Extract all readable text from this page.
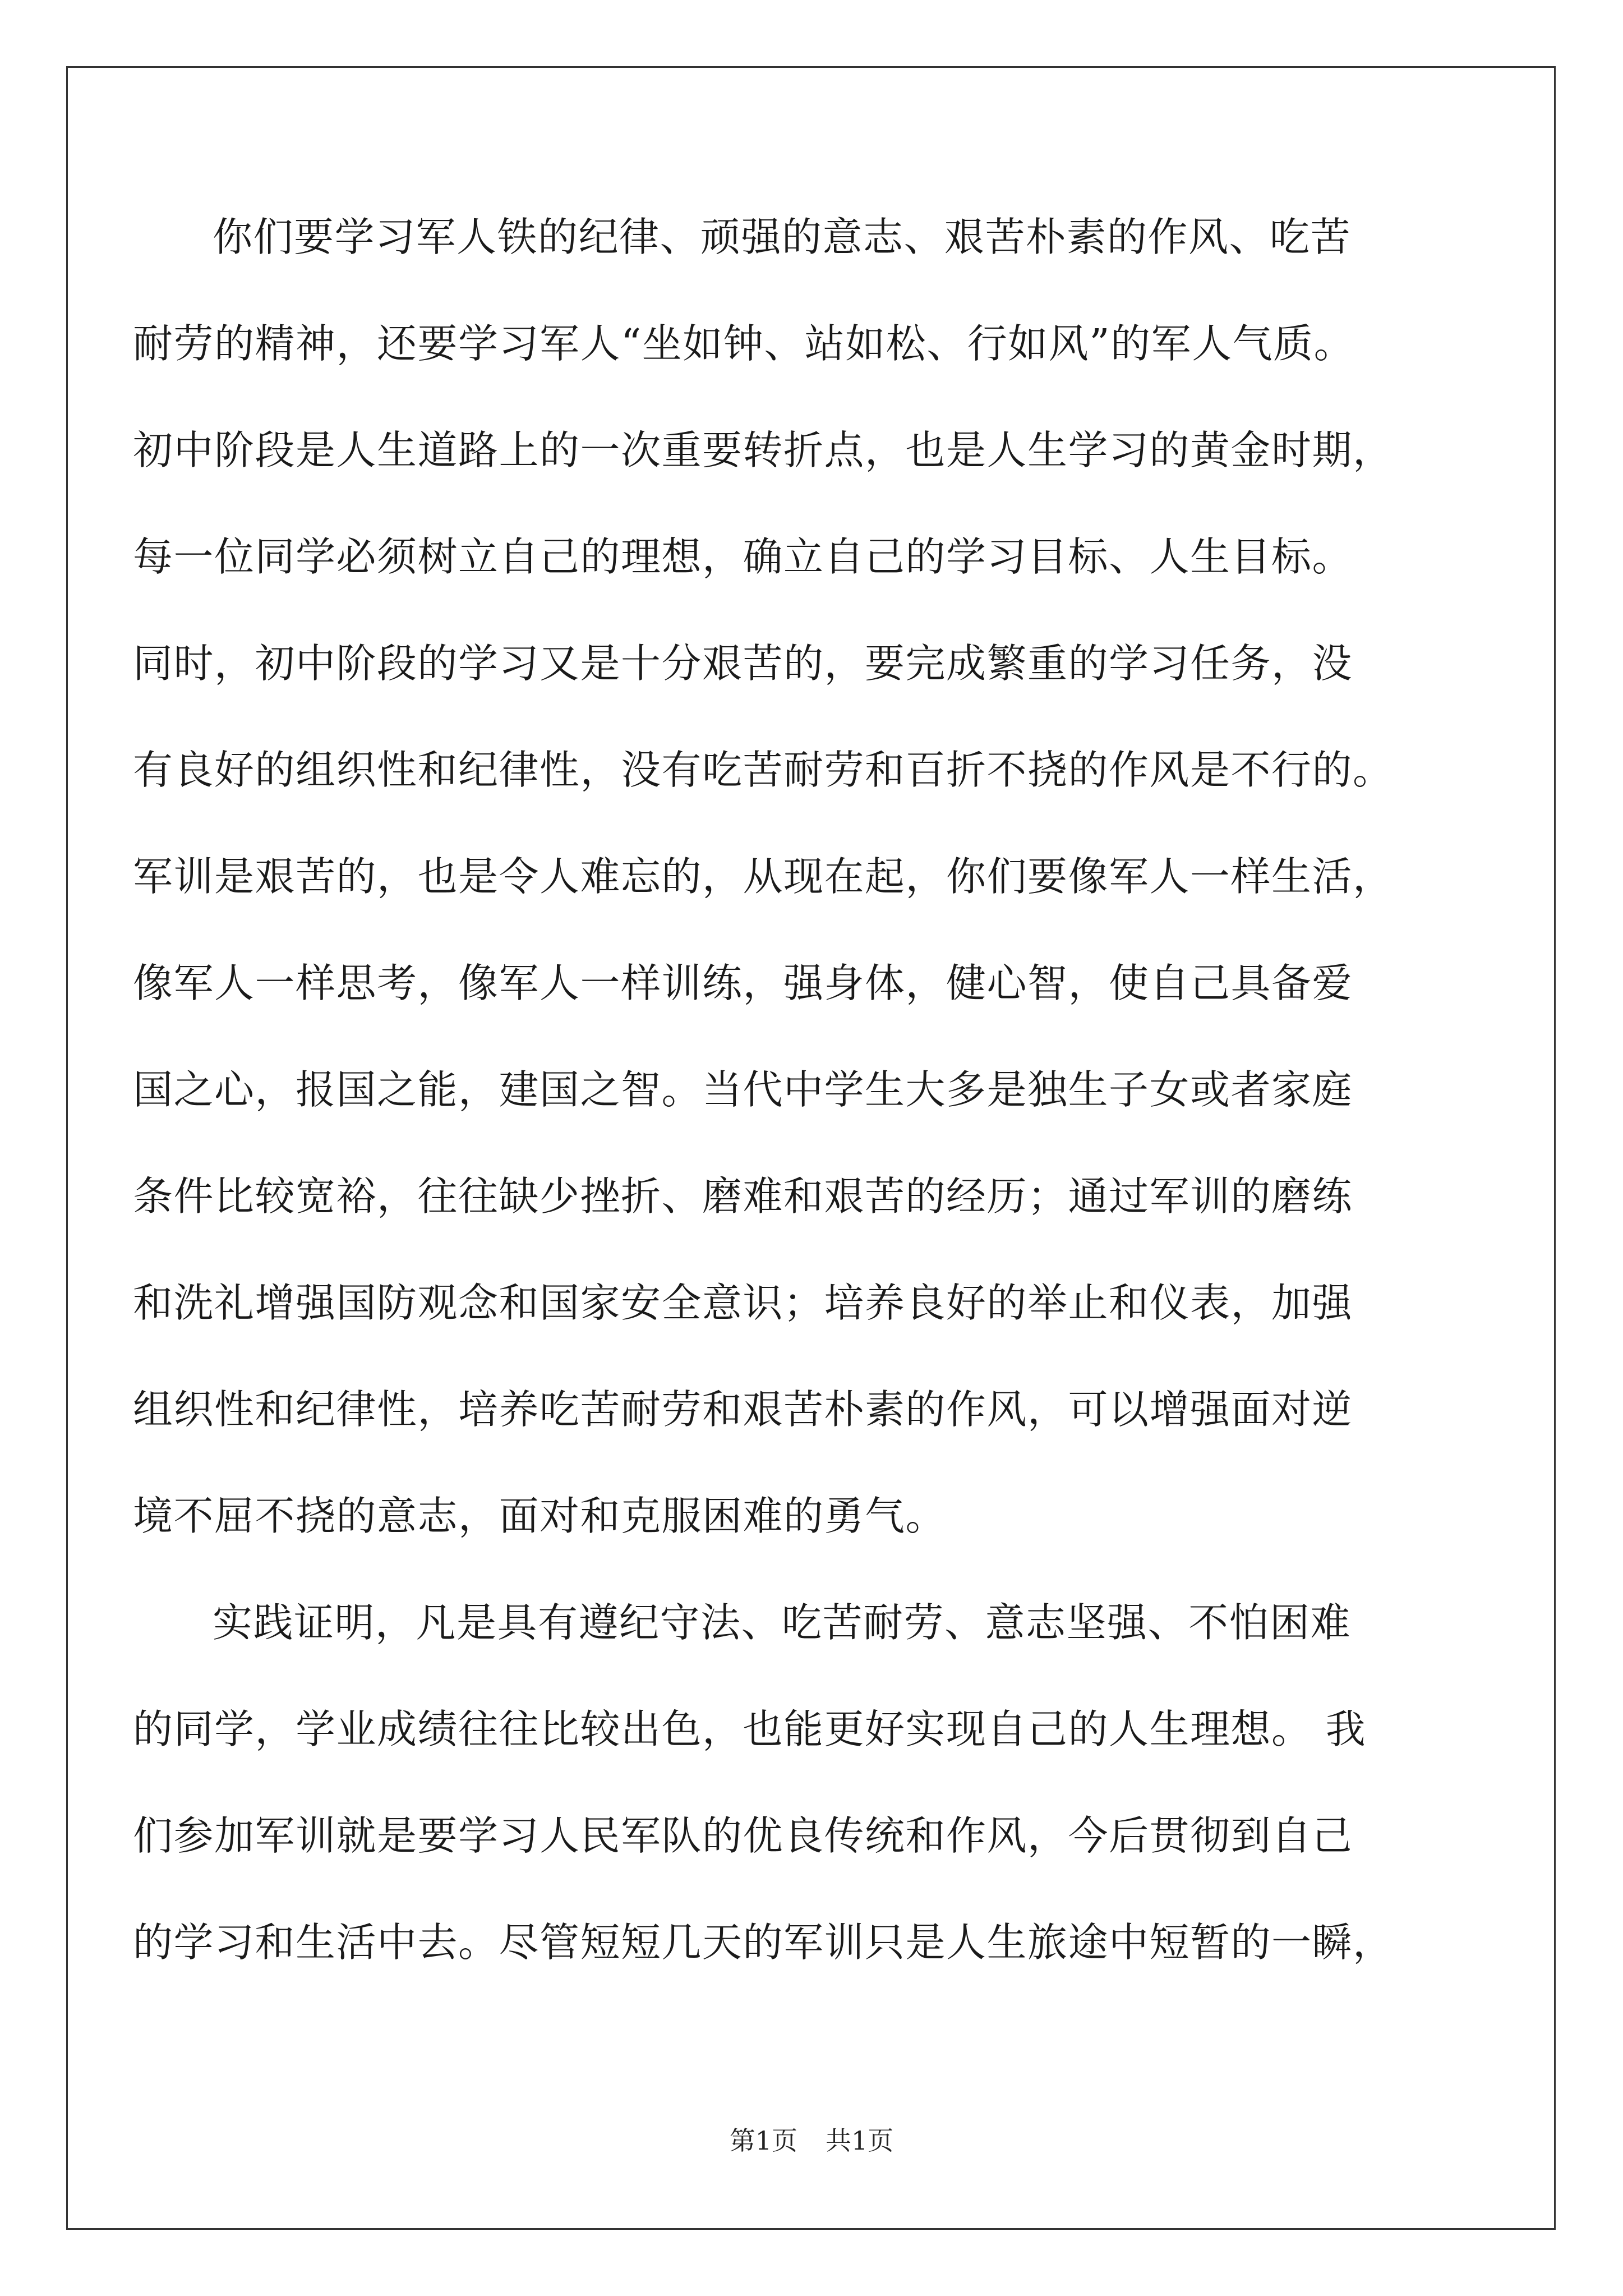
你们要学习军人铁的纪律、顽强的意志、艰苦朴素的作风、吃苦
耐劳的精神，还要学习军人“坐如钟、站如松、行如风”的军人气质。
初中阶段是人生道路上的一次重要转折点，也是人生学习的黄金时期，
每一位同学必须树立自己的理想，确立自己的学习目标、人生目标。
同时，初中阶段的学习又是十分艰苦的，要完成繁重的学习任务，没
有良好的组织性和纪律性，没有吃苦耐劳和百折不挠的作风是不行的。
军训是艰苦的，也是令人难忘的，从现在起，你们要像军人一样生活，
像军人一样思考，像军人一样训练，强身体，健心智，使自己具备爱
国之心，报国之能，建国之智。当代中学生大多是独生子女或者家庭
条件比较宽裕，往往缺少挫折、磨难和艰苦的经历；通过军训的磨练
和洗礼增强国防观念和国家安全意识；培养良好的举止和仪表，加强
组织性和纪律性，培养吃苦耐劳和艰苦朴素的作风，可以增强面对逆
境不屈不挠的意志，面对和克服困难的勇气。
实践证明，凡是具有遵纪守法、吃苦耐劳、意志坚强、不怕困难
的同学，学业成绩往往比较出色，也能更好实现自己的人生理想。 我
们参加军训就是要学习人民军队的优良传统和作风，今后贯彻到自己
的学习和生活中去。尽管短短几天的军训只是人生旅途中短暂的一瞬，
第1页 共1页
